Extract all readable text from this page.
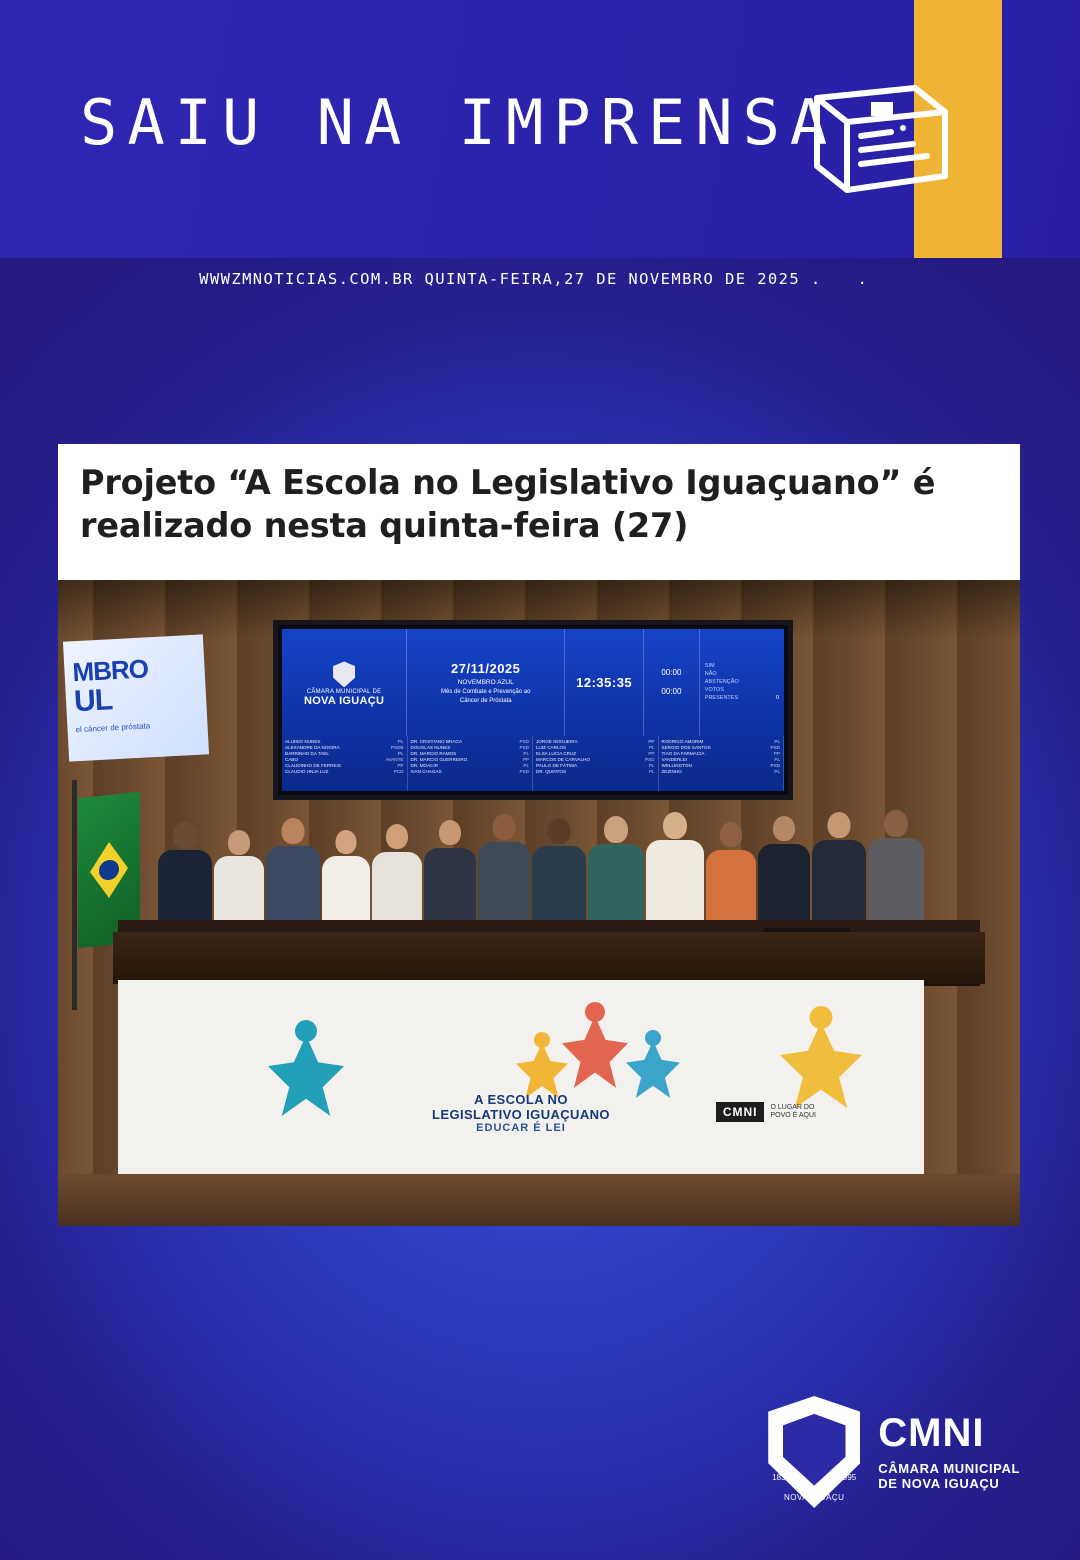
SAIU NA IMPRENSA
WWWZMNOTICIAS.COM.BR QUINTA-FEIRA,27 DE NOVEMBRO DE 2025 . .
Projeto “A Escola no Legislativo Iguaçuano” é realizado nesta quinta-feira (27)
CÂMARA MUNICIPAL DE
NOVA IGUAÇU
27/11/2025
NOVEMBRO AZUL
Mês de Combate e Prevenção ao
Câncer de Próstata
12:35:35
00:00
00:00
SIM
NÃO
ABSTENÇÃO
VOTOS
PRESENTES	0
ALUISIO NUNES	PL
ALEXANDRE DA NOGIRA	PSDB
BARRINHO DA TAEL	PL
CABO	AVANTE
CLAUDINHO DE FERREIS	PP
CLAUDIO HNJA LUZ	PCD
DR. CRISTIANO BRAGA	PSD
DOUGLAS NUNES	PSD
DR. MARCIO RAMOS	PL
DR. MARCIO GUERREIRO	PP
DR. MOACIR	PL
IVAN CHAGAS	PSD
JORGE NOGUEIRA	PP
LUIZ CARLOS	PL
ELSA LUCIA CRUZ	PP
MARCOS DE CARVALHO	PSD
PAULO DE FÁTIMA	PL
DR. QUINTOS	PL
RODRIGO AMORIM	PL
SERGIO DOS SANTOS	PSD
TIAO DA FARMACIA	PP
VANDERLEI	PL
WELLINGTON	PSD
ZEZINHO	PL
MBRO
UL
el cáncer de próstata
A ESCOLA NO
LEGISLATIVO IGUAÇUANO
EDUCAR É LEI
CMNI	O LUGAR DO
POVO É AQUI
1833	1995
NOVA IGUAÇU
CMNI
CÂMARA MUNICIPAL
DE NOVA IGUAÇU
